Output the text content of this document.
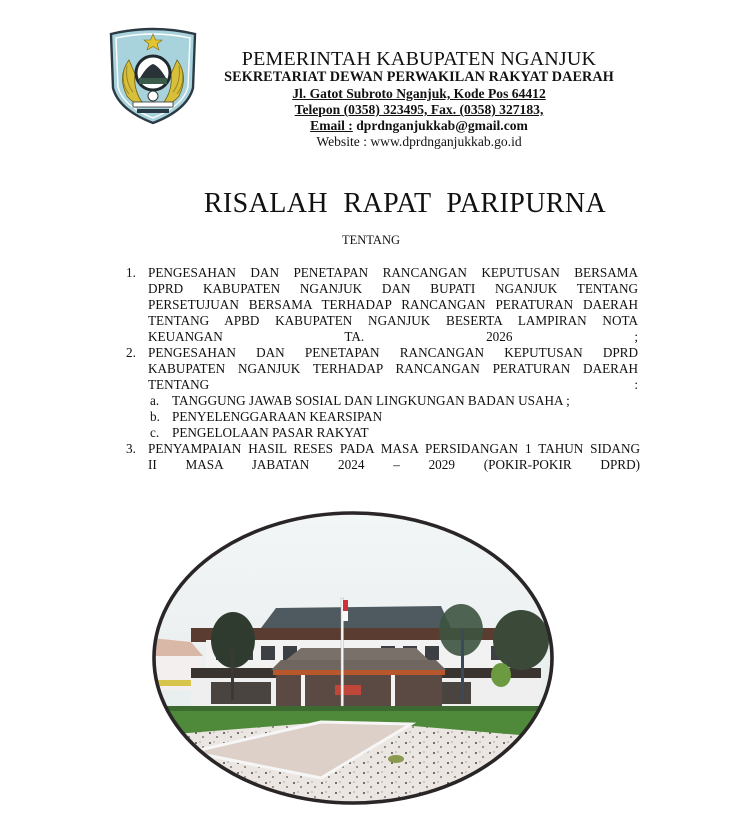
PEMERINTAH KABUPATEN NGANJUK
SEKRETARIAT DEWAN PERWAKILAN RAKYAT DAERAH
Jl. Gatot Subroto Nganjuk, Kode Pos 64412
Telepon (0358) 323495, Fax. (0358) 327183,
Email : dprdnganjukkab@gmail.com
Website : www.dprdnganjukkab.go.id
RISALAH RAPAT PARIPURNA
TENTANG
1. PENGESAHAN DAN PENETAPAN RANCANGAN KEPUTUSAN BERSAMA
DPRD KABUPATEN NGANJUK DAN BUPATI NGANJUK TENTANG
PERSETUJUAN BERSAMA TERHADAP RANCANGAN PERATURAN DAERAH
TENTANG APBD KABUPATEN NGANJUK BESERTA LAMPIRAN NOTA
KEUANGAN TA. 2026 ;
2. PENGESAHAN DAN PENETAPAN RANCANGAN KEPUTUSAN DPRD
KABUPATEN NGANJUK TERHADAP RANCANGAN PERATURAN DAERAH
TENTANG :
a. TANGGUNG JAWAB SOSIAL DAN LINGKUNGAN BADAN USAHA ;
b. PENYELENGGARAAN KEARSIPAN
c. PENGELOLAAN PASAR RAKYAT
3. PENYAMPAIAN HASIL RESES PADA MASA PERSIDANGAN 1 TAHUN SIDANG
II MASA JABATAN 2024 – 2029 (POKIR-POKIR DPRD)
